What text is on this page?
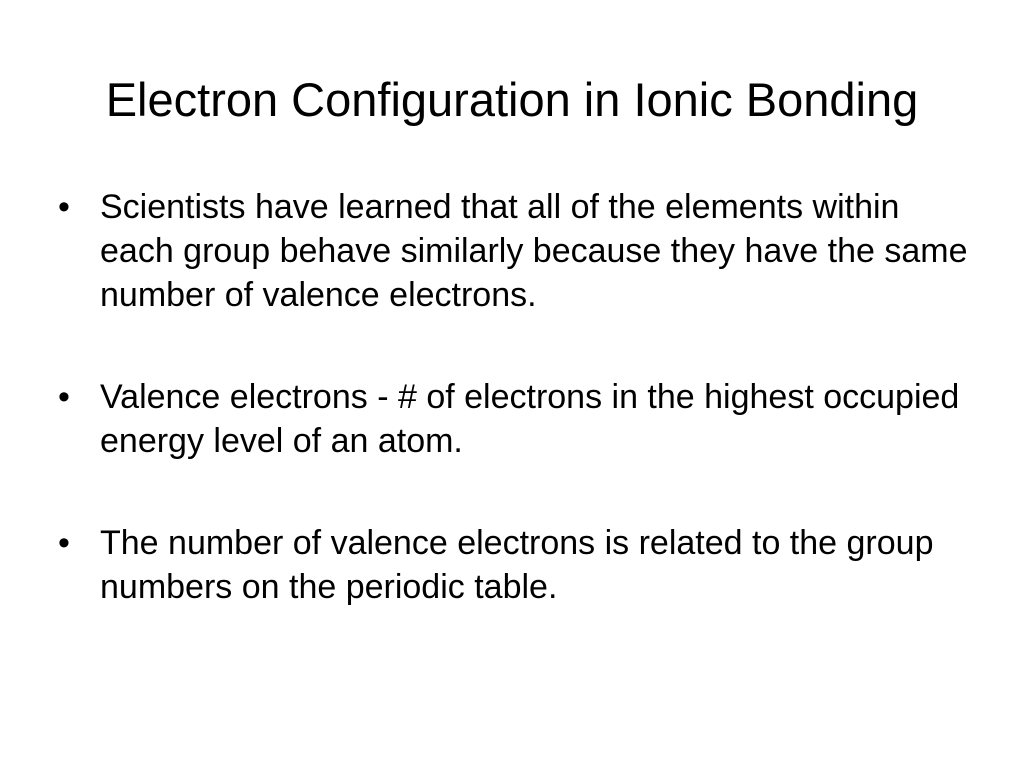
Electron Configuration in Ionic Bonding
• Scientists have learned that all of the elements within each group behave similarly because they have the same number of valence electrons.
• Valence electrons - # of electrons in the highest occupied energy level of an atom.
• The number of valence electrons is related to the group numbers on the periodic table.
